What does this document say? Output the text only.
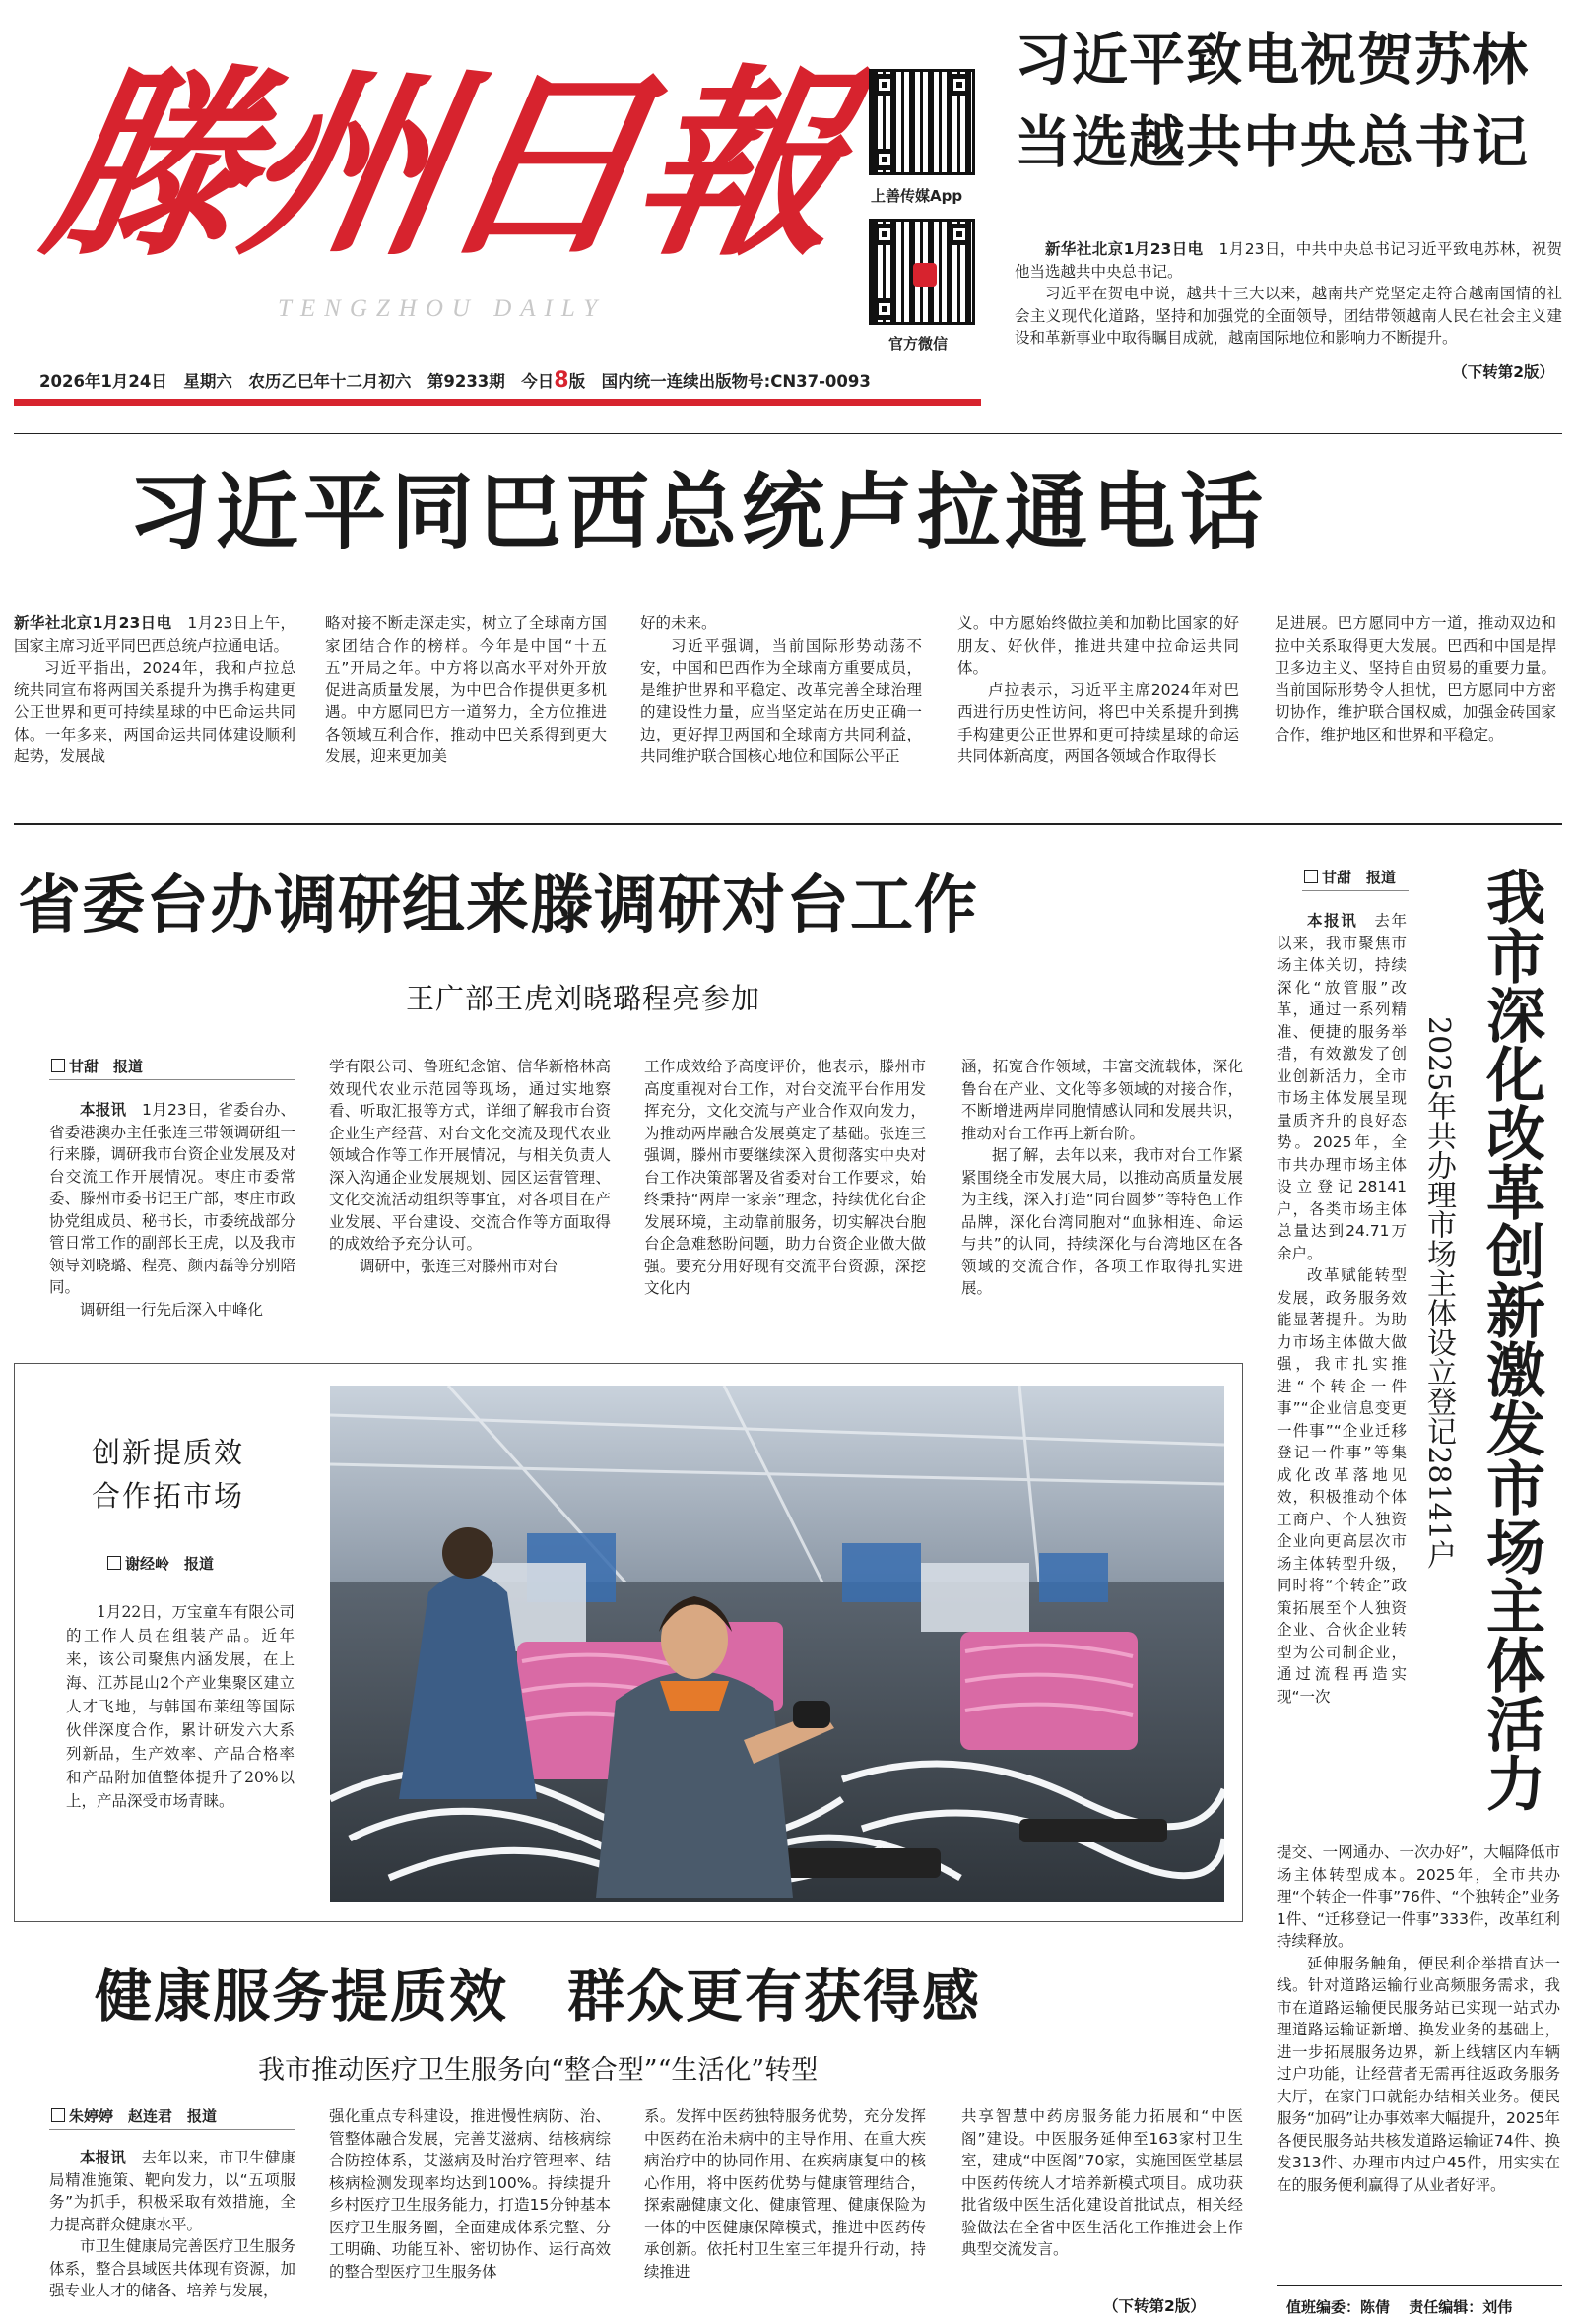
滕州日報
TENGZHOU DAILY
上善传媒App
官方微信
2026年1月24日　星期六　农历乙巳年十二月初六　第9233期　今日8版　国内统一连续出版物号:CN37-0093
习近平致电祝贺苏林
当选越共中央总书记

新华社北京1月23日电　1月23日，中共中央总书记习近平致电苏林，祝贺他当选越共中央总书记。

习近平在贺电中说，越共十三大以来，越南共产党坚定走符合越南国情的社会主义现代化道路，坚持和加强党的全面领导，团结带领越南人民在社会主义建设和革新事业中取得瞩目成就，越南国际地位和影响力不断提升。

（下转第2版）
习近平同巴西总统卢拉通电话

新华社北京1月23日电　1月23日上午，国家主席习近平同巴西总统卢拉通电话。

习近平指出，2024年，我和卢拉总统共同宣布将两国关系提升为携手构建更公正世界和更可持续星球的中巴命运共同体。一年多来，两国命运共同体建设顺利起势，发展战

略对接不断走深走实，树立了全球南方国家团结合作的榜样。今年是中国“十五五”开局之年。中方将以高水平对外开放促进高质量发展，为中巴合作提供更多机遇。中方愿同巴方一道努力，全方位推进各领域互利合作，推动中巴关系得到更大发展，迎来更加美

好的未来。

习近平强调，当前国际形势动荡不安，中国和巴西作为全球南方重要成员，是维护世界和平稳定、改革完善全球治理的建设性力量，应当坚定站在历史正确一边，更好捍卫两国和全球南方共同利益，共同维护联合国核心地位和国际公平正

义。中方愿始终做拉美和加勒比国家的好朋友、好伙伴，推进共建中拉命运共同体。

卢拉表示，习近平主席2024年对巴西进行历史性访问，将巴中关系提升到携手构建更公正世界和更可持续星球的命运共同体新高度，两国各领域合作取得长

足进展。巴方愿同中方一道，推动双边和拉中关系取得更大发展。巴西和中国是捍卫多边主义、坚持自由贸易的重要力量。当前国际形势令人担忧，巴方愿同中方密切协作，维护联合国权威，加强金砖国家合作，维护地区和世界和平稳定。

省委台办调研组来滕调研对台工作
王广部王虎刘晓璐程亮参加
甘甜　报道

本报讯　1月23日，省委台办、省委港澳办主任张连三带领调研组一行来滕，调研我市台资企业发展及对台交流工作开展情况。枣庄市委常委、滕州市委书记王广部，枣庄市政协党组成员、秘书长，市委统战部分管日常工作的副部长王虎，以及我市领导刘晓璐、程亮、颜丙磊等分别陪同。

调研组一行先后深入中峰化

学有限公司、鲁班纪念馆、信华新格林高效现代农业示范园等现场，通过实地察看、听取汇报等方式，详细了解我市台资企业生产经营、对台文化交流及现代农业领域合作等工作开展情况，与相关负责人深入沟通企业发展规划、园区运营管理、文化交流活动组织等事宜，对各项目在产业发展、平台建设、交流合作等方面取得的成效给予充分认可。

调研中，张连三对滕州市对台

工作成效给予高度评价，他表示，滕州市高度重视对台工作，对台交流平台作用发挥充分，文化交流与产业合作双向发力，为推动两岸融合发展奠定了基础。张连三强调，滕州市要继续深入贯彻落实中央对台工作决策部署及省委对台工作要求，始终秉持“两岸一家亲”理念，持续优化台企发展环境，主动靠前服务，切实解决台胞台企急难愁盼问题，助力台资企业做大做强。要充分用好现有交流平台资源，深挖文化内

涵，拓宽合作领域，丰富交流载体，深化鲁台在产业、文化等多领域的对接合作，不断增进两岸同胞情感认同和发展共识，推动对台工作再上新台阶。

据了解，去年以来，我市对台工作紧紧围绕全市发展大局，以推动高质量发展为主线，深入打造“同台圆梦”等特色工作品牌，深化台湾同胞对“血脉相连、命运与共”的认同，持续深化与台湾地区在各领域的交流合作，各项工作取得扎实进展。

创新提质效
合作拓市场
谢经岭　报道
1月22日，万宝童车有限公司的工作人员在组装产品。近年来，该公司聚焦内涵发展，在上海、江苏昆山2个产业集聚区建立人才飞地，与韩国布莱纽等国际伙伴深度合作，累计研发六大系列新品，生产效率、产品合格率和产品附加值整体提升了20%以上，产品深受市场青睐。
甘甜　报道 我市深化改革创新激发市场主体活力
2025年共办理市场主体设立登记28141户

本报讯　去年以来，我市聚焦市场主体关切，持续深化“放管服”改革，通过一系列精准、便捷的服务举措，有效激发了创业创新活力，全市市场主体发展呈现量质齐升的良好态势。2025年，全市共办理市场主体设立登记28141户，各类市场主体总量达到24.71万余户。

改革赋能转型发展，政务服务效能显著提升。为助力市场主体做大做强，我市扎实推进“个转企一件事”“企业信息变更一件事”“企业迁移登记一件事”等集成化改革落地见效，积极推动个体工商户、个人独资企业向更高层次市场主体转型升级，同时将“个转企”政策拓展至个人独资企业、合伙企业转型为公司制企业，通过流程再造实现“一次

提交、一网通办、一次办好”，大幅降低市场主体转型成本。2025年，全市共办理“个转企一件事”76件、“个独转企”业务1件、“迁移登记一件事”333件，改革红利持续释放。

延伸服务触角，便民利企举措直达一线。针对道路运输行业高频服务需求，我市在道路运输便民服务站已实现一站式办理道路运输证新增、换发业务的基础上，进一步拓展服务边界，新上线辖区内车辆过户功能，让经营者无需再往返政务服务大厅，在家门口就能办结相关业务。便民服务“加码”让办事效率大幅提升，2025年各便民服务站共核发道路运输证74件、换发313件、办理市内过户45件，用实实在在的服务便利赢得了从业者好评。

健康服务提质效　群众更有获得感
我市推动医疗卫生服务向“整合型”“生活化”转型
朱婷婷　赵连君　报道

本报讯　去年以来，市卫生健康局精准施策、靶向发力，以“五项服务”为抓手，积极采取有效措施，全力提高群众健康水平。

市卫生健康局完善医疗卫生服务体系，整合县域医共体现有资源，加强专业人才的储备、培养与发展，

强化重点专科建设，推进慢性病防、治、管整体融合发展，完善艾滋病、结核病综合防控体系，艾滋病及时治疗管理率、结核病检测发现率均达到100%。持续提升乡村医疗卫生服务能力，打造15分钟基本医疗卫生服务圈，全面建成体系完整、分工明确、功能互补、密切协作、运行高效的整合型医疗卫生服务体

系。发挥中医药独特服务优势，充分发挥中医药在治未病中的主导作用、在重大疾病治疗中的协同作用、在疾病康复中的核心作用，将中医药优势与健康管理结合，探索融健康文化、健康管理、健康保险为一体的中医健康保障模式，推进中医药传承创新。依托村卫生室三年提升行动，持续推进

共享智慧中药房服务能力拓展和“中医阁”建设。中医服务延伸至163家村卫生室，建成“中医阁”70家，实施国医堂基层中医药传统人才培养新模式项目。成功获批省级中医生活化建设首批试点，相关经验做法在全省中医生活化工作推进会上作典型交流发言。

（下转第2版）	值班编委：陈倩 责任编辑：刘伟
